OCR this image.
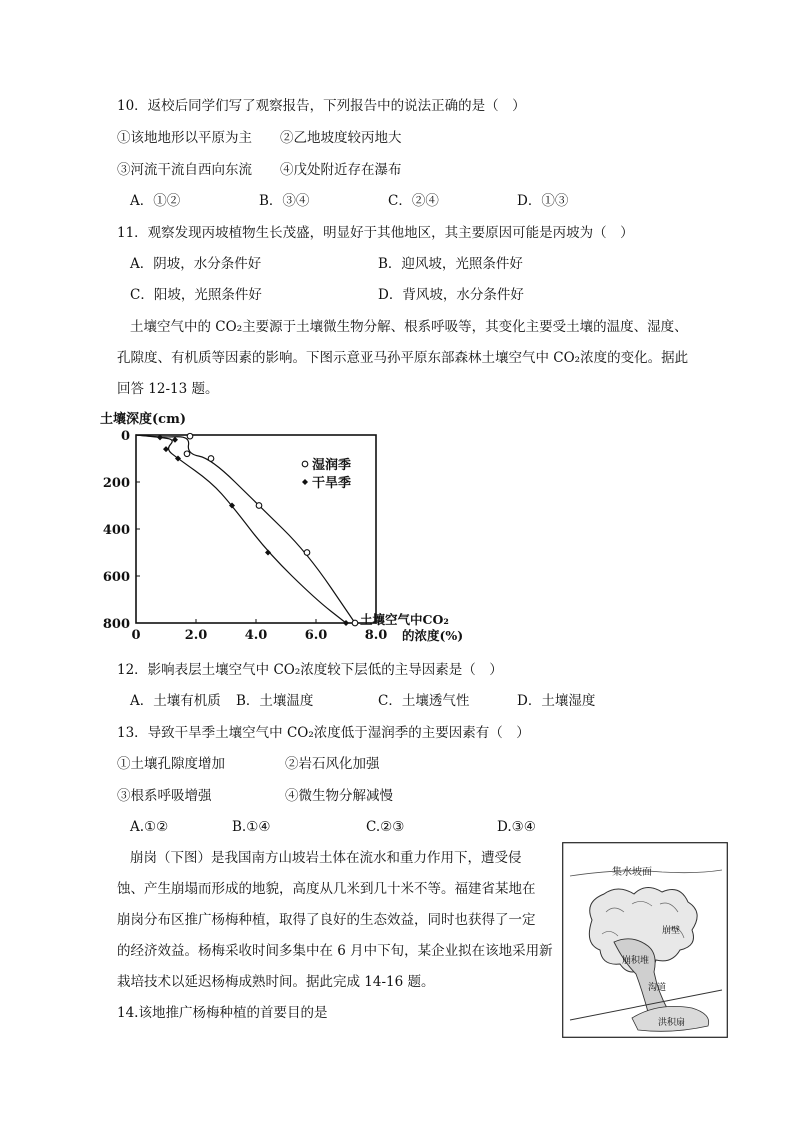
10．返校后同学们写了观察报告，下列报告中的说法正确的是（　）
①该地地形以平原为主 ②乙地坡度较丙地大
③河流干流自西向东流 ④戊处附近存在瀑布
A．①②	B．③④	C．②④	D．①③
11．观察发现丙坡植物生长茂盛，明显好于其他地区，其主要原因可能是丙坡为（　）
A．阴坡，水分条件好	B．迎风坡，光照条件好
C．阳坡，光照条件好	D．背风坡，水分条件好
土壤空气中的 CO₂主要源于土壤微生物分解、根系呼吸等，其变化主要受土壤的温度、湿度、
孔隙度、有机质等因素的影响。下图示意亚马孙平原东部森林土壤空气中 CO₂浓度的变化。据此
回答 12-13 题。
土壤深度(cm)
0
200
400
600
800
0	2.0	4.0	6.0	8.0
湿润季
干旱季
土壤空气中CO₂
的浓度(%)
12．影响表层土壤空气中 CO₂浓度较下层低的主导因素是（　）
A．土壤有机质 B．土壤温度	C．土壤透气性	D．土壤湿度
13．导致干旱季土壤空气中 CO₂浓度低于湿润季的主要因素有（　）
①土壤孔隙度增加	②岩石风化加强
③根系呼吸增强	④微生物分解减慢
A.①②	B.①④	C.②③	D.③④
崩岗（下图）是我国南方山坡岩土体在流水和重力作用下，遭受侵
蚀、产生崩塌而形成的地貌，高度从几米到几十米不等。福建省某地在
崩岗分布区推广杨梅种植，取得了良好的生态效益，同时也获得了一定
的经济效益。杨梅采收时间多集中在 6 月中下旬，某企业拟在该地采用新
栽培技术以延迟杨梅成熟时间。据此完成 14-16 题。
14.该地推广杨梅种植的首要目的是
集水坡面
崩壁
崩积堆
沟道
洪积扇
